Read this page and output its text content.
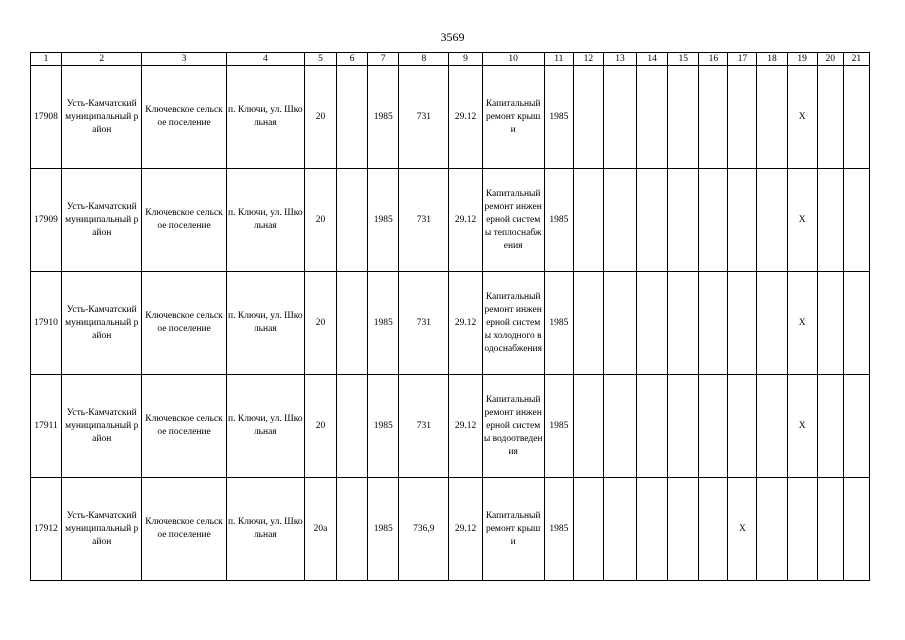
3569
1	2	3	4	5	6	7	8	9	10	11	12	13	14	15	16	17	18	19	20	21
17908	Усть-Камчатский муниципальный район	Ключевское сельское поселение	п. Ключи, ул. Школьная	20		1985	731	29.12	Капитальный ремонт крыши	1985								Х		
17909	Усть-Камчатский муниципальный район	Ключевское сельское поселение	п. Ключи, ул. Школьная	20		1985	731	29.12	Капитальный ремонт инженерной системы теплоснабжения	1985								Х		
17910	Усть-Камчатский муниципальный район	Ключевское сельское поселение	п. Ключи, ул. Школьная	20		1985	731	29.12	Капитальный ремонт инженерной системы холодного водоснабжения	1985								Х		
17911	Усть-Камчатский муниципальный район	Ключевское сельское поселение	п. Ключи, ул. Школьная	20		1985	731	29.12	Капитальный ремонт инженерной системы водоотведения	1985								Х		
17912	Усть-Камчатский муниципальный район	Ключевское сельское поселение	п. Ключи, ул. Школьная	20а		1985	736,9	29.12	Капитальный ремонт крыши	1985						Х				
